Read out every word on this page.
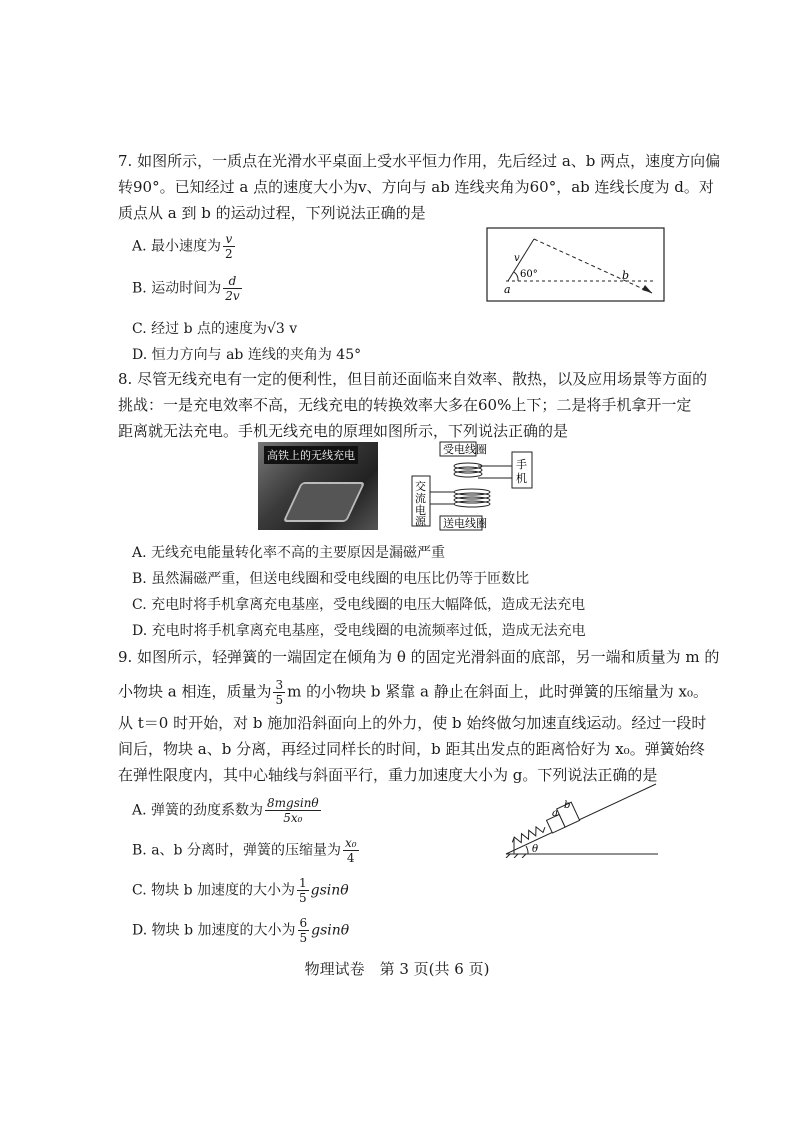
7. 如图所示，一质点在光滑水平桌面上受水平恒力作用，先后经过 a、b 两点，速度方向偏
转90°。已知经过 a 点的速度大小为v、方向与 ab 连线夹角为60°，ab 连线长度为 d。对
质点从 a 到 b 的运动过程，下列说法正确的是
A. 最小速度为 $\frac{v}{2}$
B. 运动时间为 $\frac{d}{2v}$
C. 经过 b 点的速度为√3 v
D. 恒力方向与 ab 连线的夹角为 45°
v
a
b
60°
8. 尽管无线充电有一定的便利性，但目前还面临来自效率、散热，以及应用场景等方面的
挑战：一是充电效率不高，无线充电的转换效率大多在60%上下；二是将手机拿开一定
距离就无法充电。手机无线充电的原理如图所示，下列说法正确的是
高铁上的无线充电	受电线圈
手
机
交
流
电
源 送电线圈
A. 无线充电能量转化率不高的主要原因是漏磁严重
B. 虽然漏磁严重，但送电线圈和受电线圈的电压比仍等于匝数比
C. 充电时将手机拿离充电基座，受电线圈的电压大幅降低，造成无法充电
D. 充电时将手机拿离充电基座，受电线圈的电流频率过低，造成无法充电
9. 如图所示，轻弹簧的一端固定在倾角为 θ 的固定光滑斜面的底部，另一端和质量为 m 的
小物块 a 相连，质量为 $\frac{3}{5}$ m 的小物块 b 紧靠 a 静止在斜面上，此时弹簧的压缩量为 x₀。
从 t＝0 时开始，对 b 施加沿斜面向上的外力，使 b 始终做匀加速直线运动。经过一段时
间后，物块 a、b 分离，再经过同样长的时间，b 距其出发点的距离恰好为 x₀。弹簧始终
在弹性限度内，其中心轴线与斜面平行，重力加速度大小为 g。下列说法正确的是
A. 弹簧的劲度系数为 $\frac{8mgsin\theta}{\text{5x₀}}$
B. a、b 分离时，弹簧的压缩量为 $\frac{\text{x₀}}{4}$
C. 物块 b 加速度的大小为 $\frac{1}{5}$ gsinθ
D. 物块 b 加速度的大小为 $\frac{6}{5}$ gsinθ
a
b
θ
物理试卷　第 3 页(共 6 页)
